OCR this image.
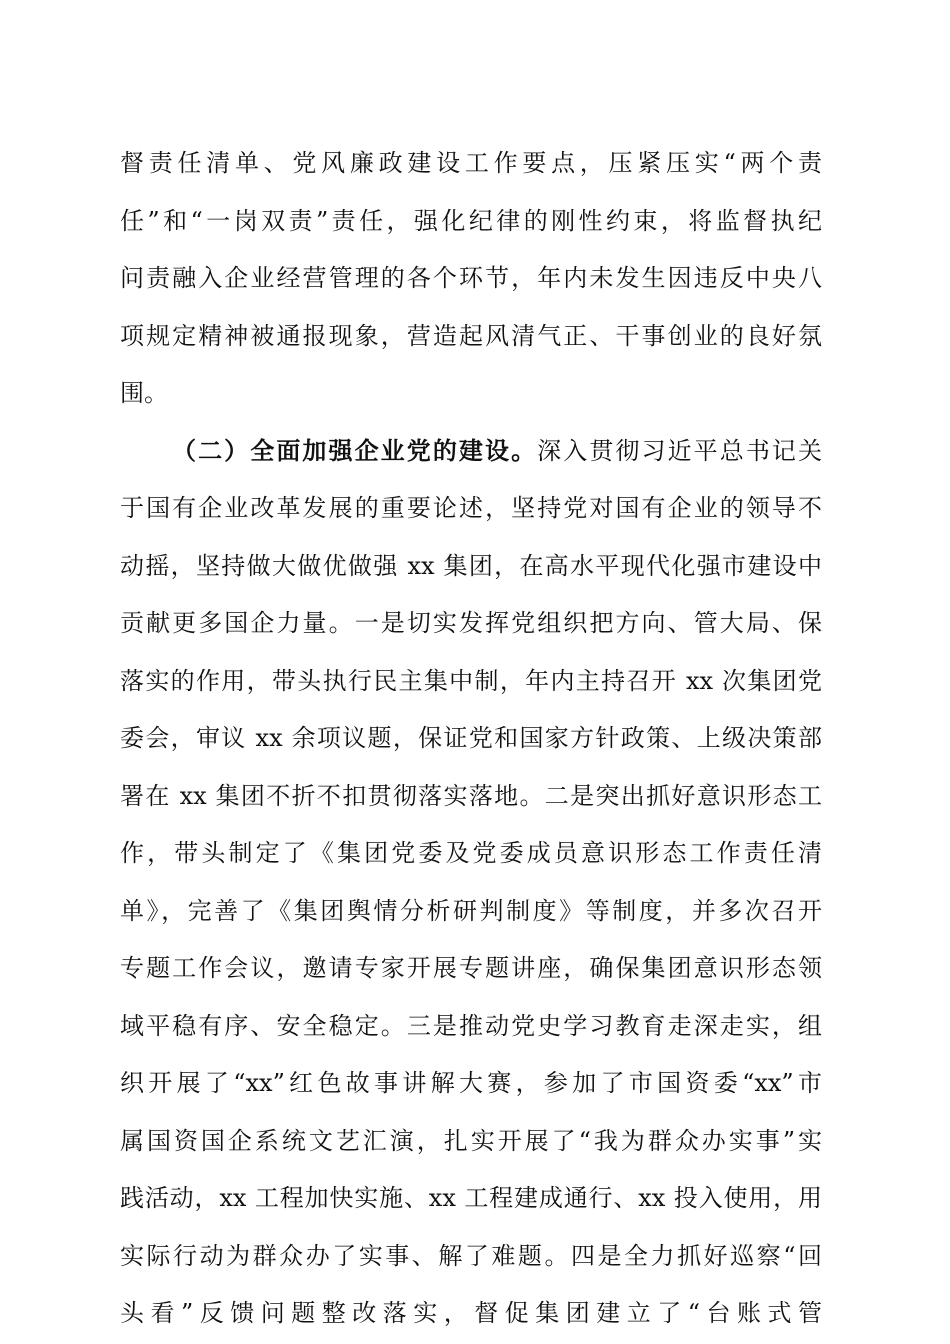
督责任清单、党风廉政建设工作要点，压紧压实“两个责
任”和“一岗双责”责任，强化纪律的刚性约束，将监督执纪
问责融入企业经营管理的各个环节，年内未发生因违反中央八
项规定精神被通报现象，营造起风清气正、干事创业的良好氛
围。
（二）全面加强企业党的建设。深入贯彻习近平总书记关
于国有企业改革发展的重要论述，坚持党对国有企业的领导不
动摇，坚持做大做优做强 xx 集团，在高水平现代化强市建设中
贡献更多国企力量。一是切实发挥党组织把方向、管大局、保
落实的作用，带头执行民主集中制，年内主持召开 xx 次集团党
委会，审议 xx 余项议题，保证党和国家方针政策、上级决策部
署在 xx 集团不折不扣贯彻落实落地。二是突出抓好意识形态工
作，带头制定了《集团党委及党委成员意识形态工作责任清
单》，完善了《集团舆情分析研判制度》等制度，并多次召开
专题工作会议，邀请专家开展专题讲座，确保集团意识形态领
域平稳有序、安全稳定。三是推动党史学习教育走深走实，组
织开展了“xx”红色故事讲解大赛，参加了市国资委“xx”市
属国资国企系统文艺汇演，扎实开展了“我为群众办实事”实
践活动，xx 工程加快实施、xx 工程建成通行、xx 投入使用，用
实际行动为群众办了实事、解了难题。四是全力抓好巡察“回
头看”反馈问题整改落实，督促集团建立了“台账式管
